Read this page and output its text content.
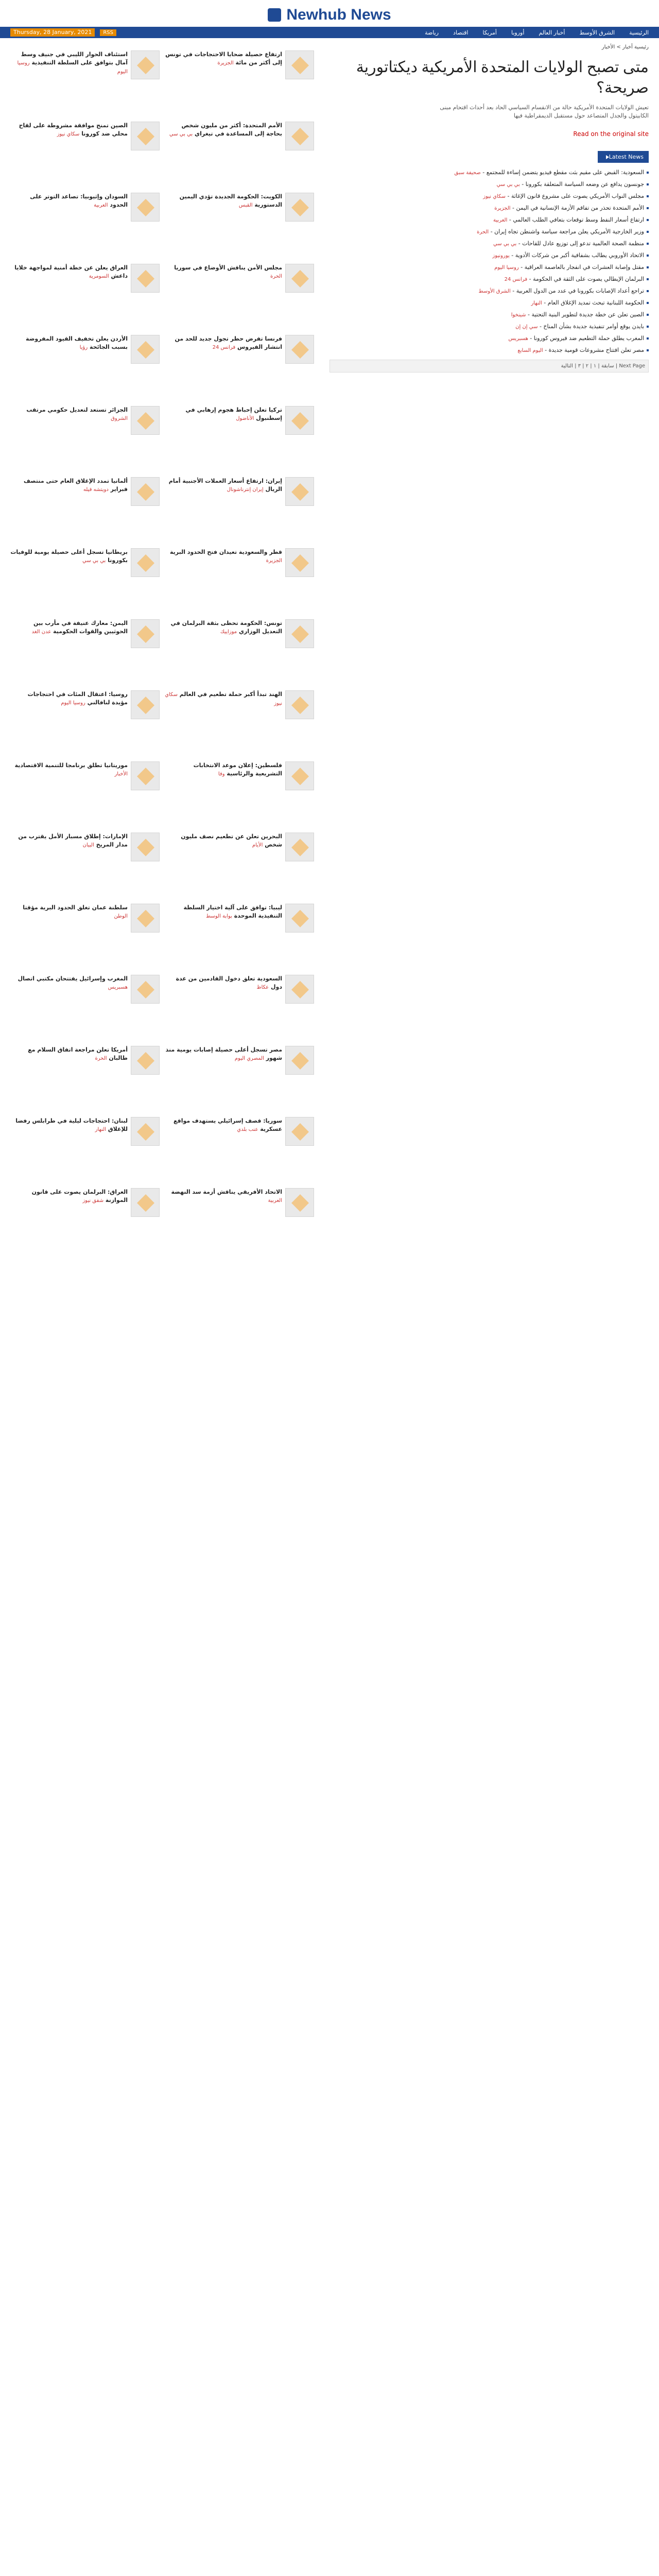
Newhub News
Thursday, 28 January, 2021	RSS	الرئيسية
الشرق الأوسط
أخبار العالم
أوروبا
أمريكا
اقتصاد
رياضة
رئيسية أخبار > الأخبار
متى تصبح الولايات المتحدة الأمريكية ديكتاتورية صريحة؟

تعيش الولايات المتحدة الأمريكية حالة من الانقسام السياسي الحاد بعد أحداث اقتحام مبنى الكابيتول والجدل المتصاعد حول مستقبل الديمقراطية فيها

Read on the original site
Latest News
السعودية: القبض على مقيم بثت مقطع فيديو يتضمن إساءة للمجتمع - صحيفة سبق
جونسون يدافع عن وضعه السياسة المتعلقة بكورونا - بي بي سي
مجلس النواب الأمريكي يصوت على مشروع قانون الإغاثة - سكاي نيوز
الأمم المتحدة تحذر من تفاقم الأزمة الإنسانية في اليمن - الجزيرة
ارتفاع أسعار النفط وسط توقعات بتعافي الطلب العالمي - العربية
وزير الخارجية الأمريكي يعلن مراجعة سياسة واشنطن تجاه إيران - الحرة
منظمة الصحة العالمية تدعو إلى توزيع عادل للقاحات - بي بي سي
الاتحاد الأوروبي يطالب بشفافية أكبر من شركات الأدوية - يورونيوز
مقتل وإصابة العشرات في انفجار بالعاصمة العراقية - روسيا اليوم
البرلمان الإيطالي يصوت على الثقة في الحكومة - فرانس 24
تراجع أعداد الإصابات بكورونا في عدد من الدول العربية - الشرق الأوسط
الحكومة اللبنانية تبحث تمديد الإغلاق العام - النهار
الصين تعلن عن خطة جديدة لتطوير البنية التحتية - شينخوا
بايدن يوقع أوامر تنفيذية جديدة بشأن المناخ - سي إن إن
المغرب يطلق حملة التطعيم ضد فيروس كورونا - هسبريس
مصر تعلن افتتاح مشروعات قومية جديدة - اليوم السابع
Next Page | سابقة | ١ | ٢ | ٣ | التالية
استئناف الحوار الليبي في جنيف وسط آمال بتوافق على السلطة التنفيذية روسيا اليوم
ارتفاع حصيلة ضحايا الاحتجاجات في تونس إلى أكثر من مائة الجزيرة
الصين تمنح موافقة مشروطة على لقاح محلي ضد كورونا سكاي نيوز
الأمم المتحدة: أكثر من مليون شخص بحاجة إلى المساعدة في تيغراي بي بي سي
السودان وإثيوبيا: تصاعد التوتر على الحدود العربية
الكويت: الحكومة الجديدة تؤدي اليمين الدستورية القبس
العراق يعلن عن خطة أمنية لمواجهة خلايا داعش السومرية
مجلس الأمن يناقش الأوضاع في سوريا الحرة
الأردن يعلن تخفيف القيود المفروضة بسبب الجائحة رؤيا
فرنسا تفرض حظر تجول جديد للحد من انتشار الفيروس فرانس 24
الجزائر تستعد لتعديل حكومي مرتقب الشروق
تركيا تعلن إحباط هجوم إرهابي في إسطنبول الأناضول
ألمانيا تمدد الإغلاق العام حتى منتصف فبراير دويتشه فيله
إيران: ارتفاع أسعار العملات الأجنبية أمام الريال إيران إنترناشونال
بريطانيا تسجل أعلى حصيلة يومية للوفيات بكورونا بي بي سي
قطر والسعودية تعيدان فتح الحدود البرية الجزيرة
اليمن: معارك عنيفة في مأرب بين الحوثيين والقوات الحكومية عدن الغد
تونس: الحكومة تحظى بثقة البرلمان في التعديل الوزاري موزاييك
روسيا: اعتقال المئات في احتجاجات مؤيدة لنافالني روسيا اليوم
الهند تبدأ أكبر حملة تطعيم في العالم سكاي نيوز
موريتانيا تطلق برنامجا للتنمية الاقتصادية الأخبار
فلسطين: إعلان موعد الانتخابات التشريعية والرئاسية وفا
الإمارات: إطلاق مسبار الأمل يقترب من مدار المريخ البيان
البحرين تعلن عن تطعيم نصف مليون شخص الأيام
سلطنة عمان تغلق الحدود البرية مؤقتا الوطن
ليبيا: توافق على آلية اختيار السلطة التنفيذية الموحدة بوابة الوسط
المغرب وإسرائيل يفتتحان مكتبي اتصال هسبريس
السعودية تعلق دخول القادمين من عدة دول عكاظ
أمريكا تعلن مراجعة اتفاق السلام مع طالبان الحرة
مصر تسجل أعلى حصيلة إصابات يومية منذ شهور المصري اليوم
لبنان: احتجاجات ليلية في طرابلس رفضا للإغلاق النهار
سوريا: قصف إسرائيلي يستهدف مواقع عسكرية عنب بلدي
العراق: البرلمان يصوت على قانون الموازنة شفق نيوز
الاتحاد الأفريقي يناقش أزمة سد النهضة العربية
